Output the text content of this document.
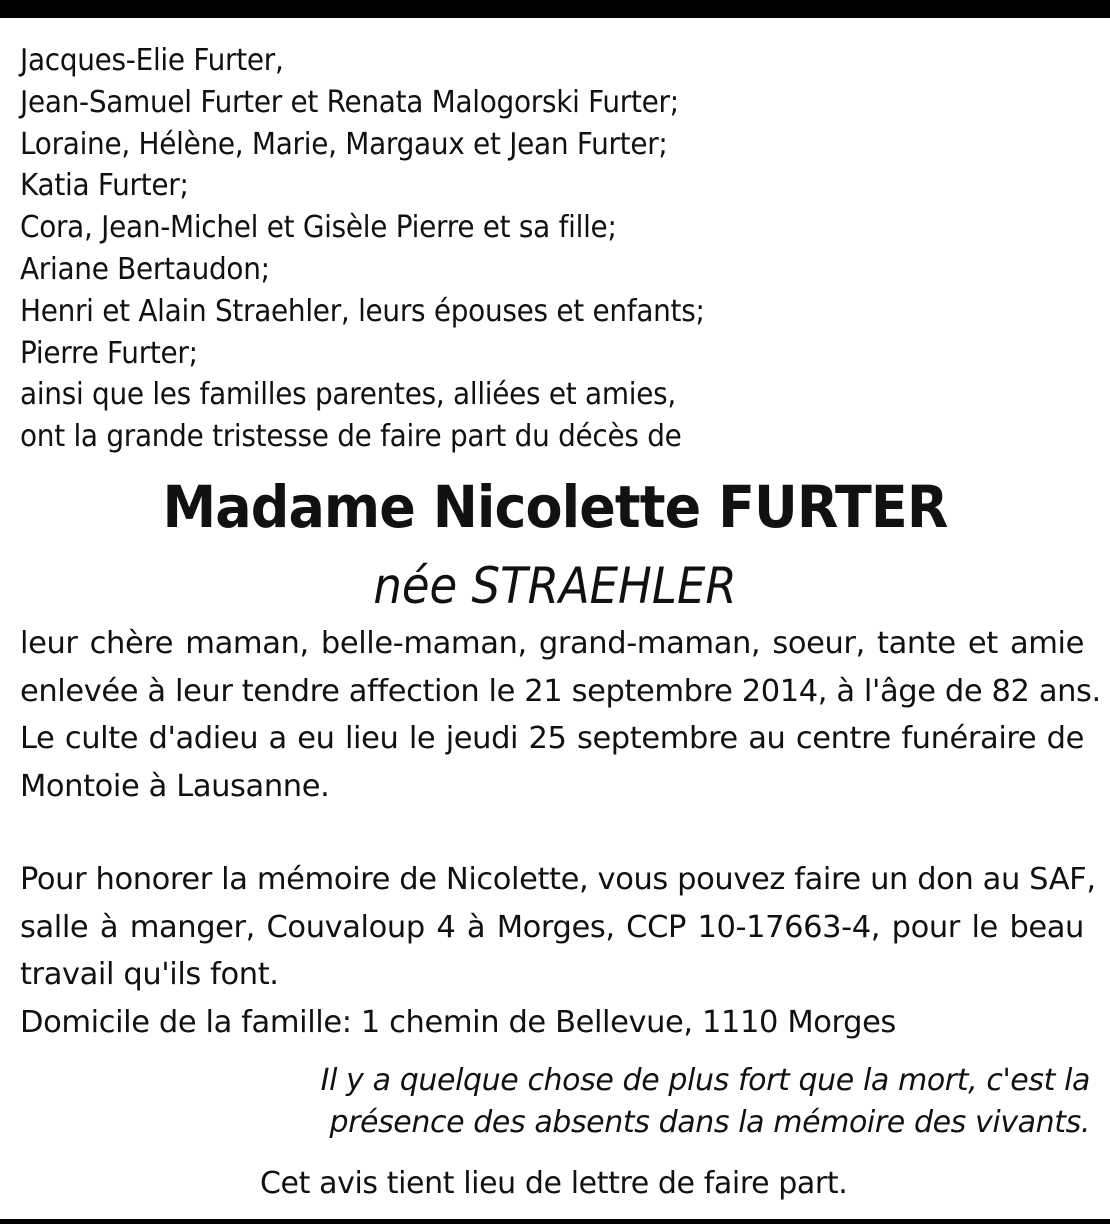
Jacques-Elie Furter,
Jean-Samuel Furter et Renata Malogorski Furter;
Loraine, Hélène, Marie, Margaux et Jean Furter;
Katia Furter;
Cora, Jean-Michel et Gisèle Pierre et sa fille;
Ariane Bertaudon;
Henri et Alain Straehler, leurs épouses et enfants;
Pierre Furter;
ainsi que les familles parentes, alliées et amies,
ont la grande tristesse de faire part du décès de
Madame Nicolette FURTER
née STRAEHLER
leur chère maman, belle-maman, grand-maman, soeur, tante et amie
enlevée à leur tendre affection le 21 septembre 2014, à l'âge de 82 ans.
Le culte d'adieu a eu lieu le jeudi 25 septembre au centre funéraire de
Montoie à Lausanne.
Pour honorer la mémoire de Nicolette, vous pouvez faire un don au SAF,
salle à manger, Couvaloup 4 à Morges, CCP 10-17663-4, pour le beau
travail qu'ils font.
Domicile de la famille: 1 chemin de Bellevue, 1110 Morges
Il y a quelque chose de plus fort que la mort, c'est la
présence des absents dans la mémoire des vivants.
Cet avis tient lieu de lettre de faire part.
